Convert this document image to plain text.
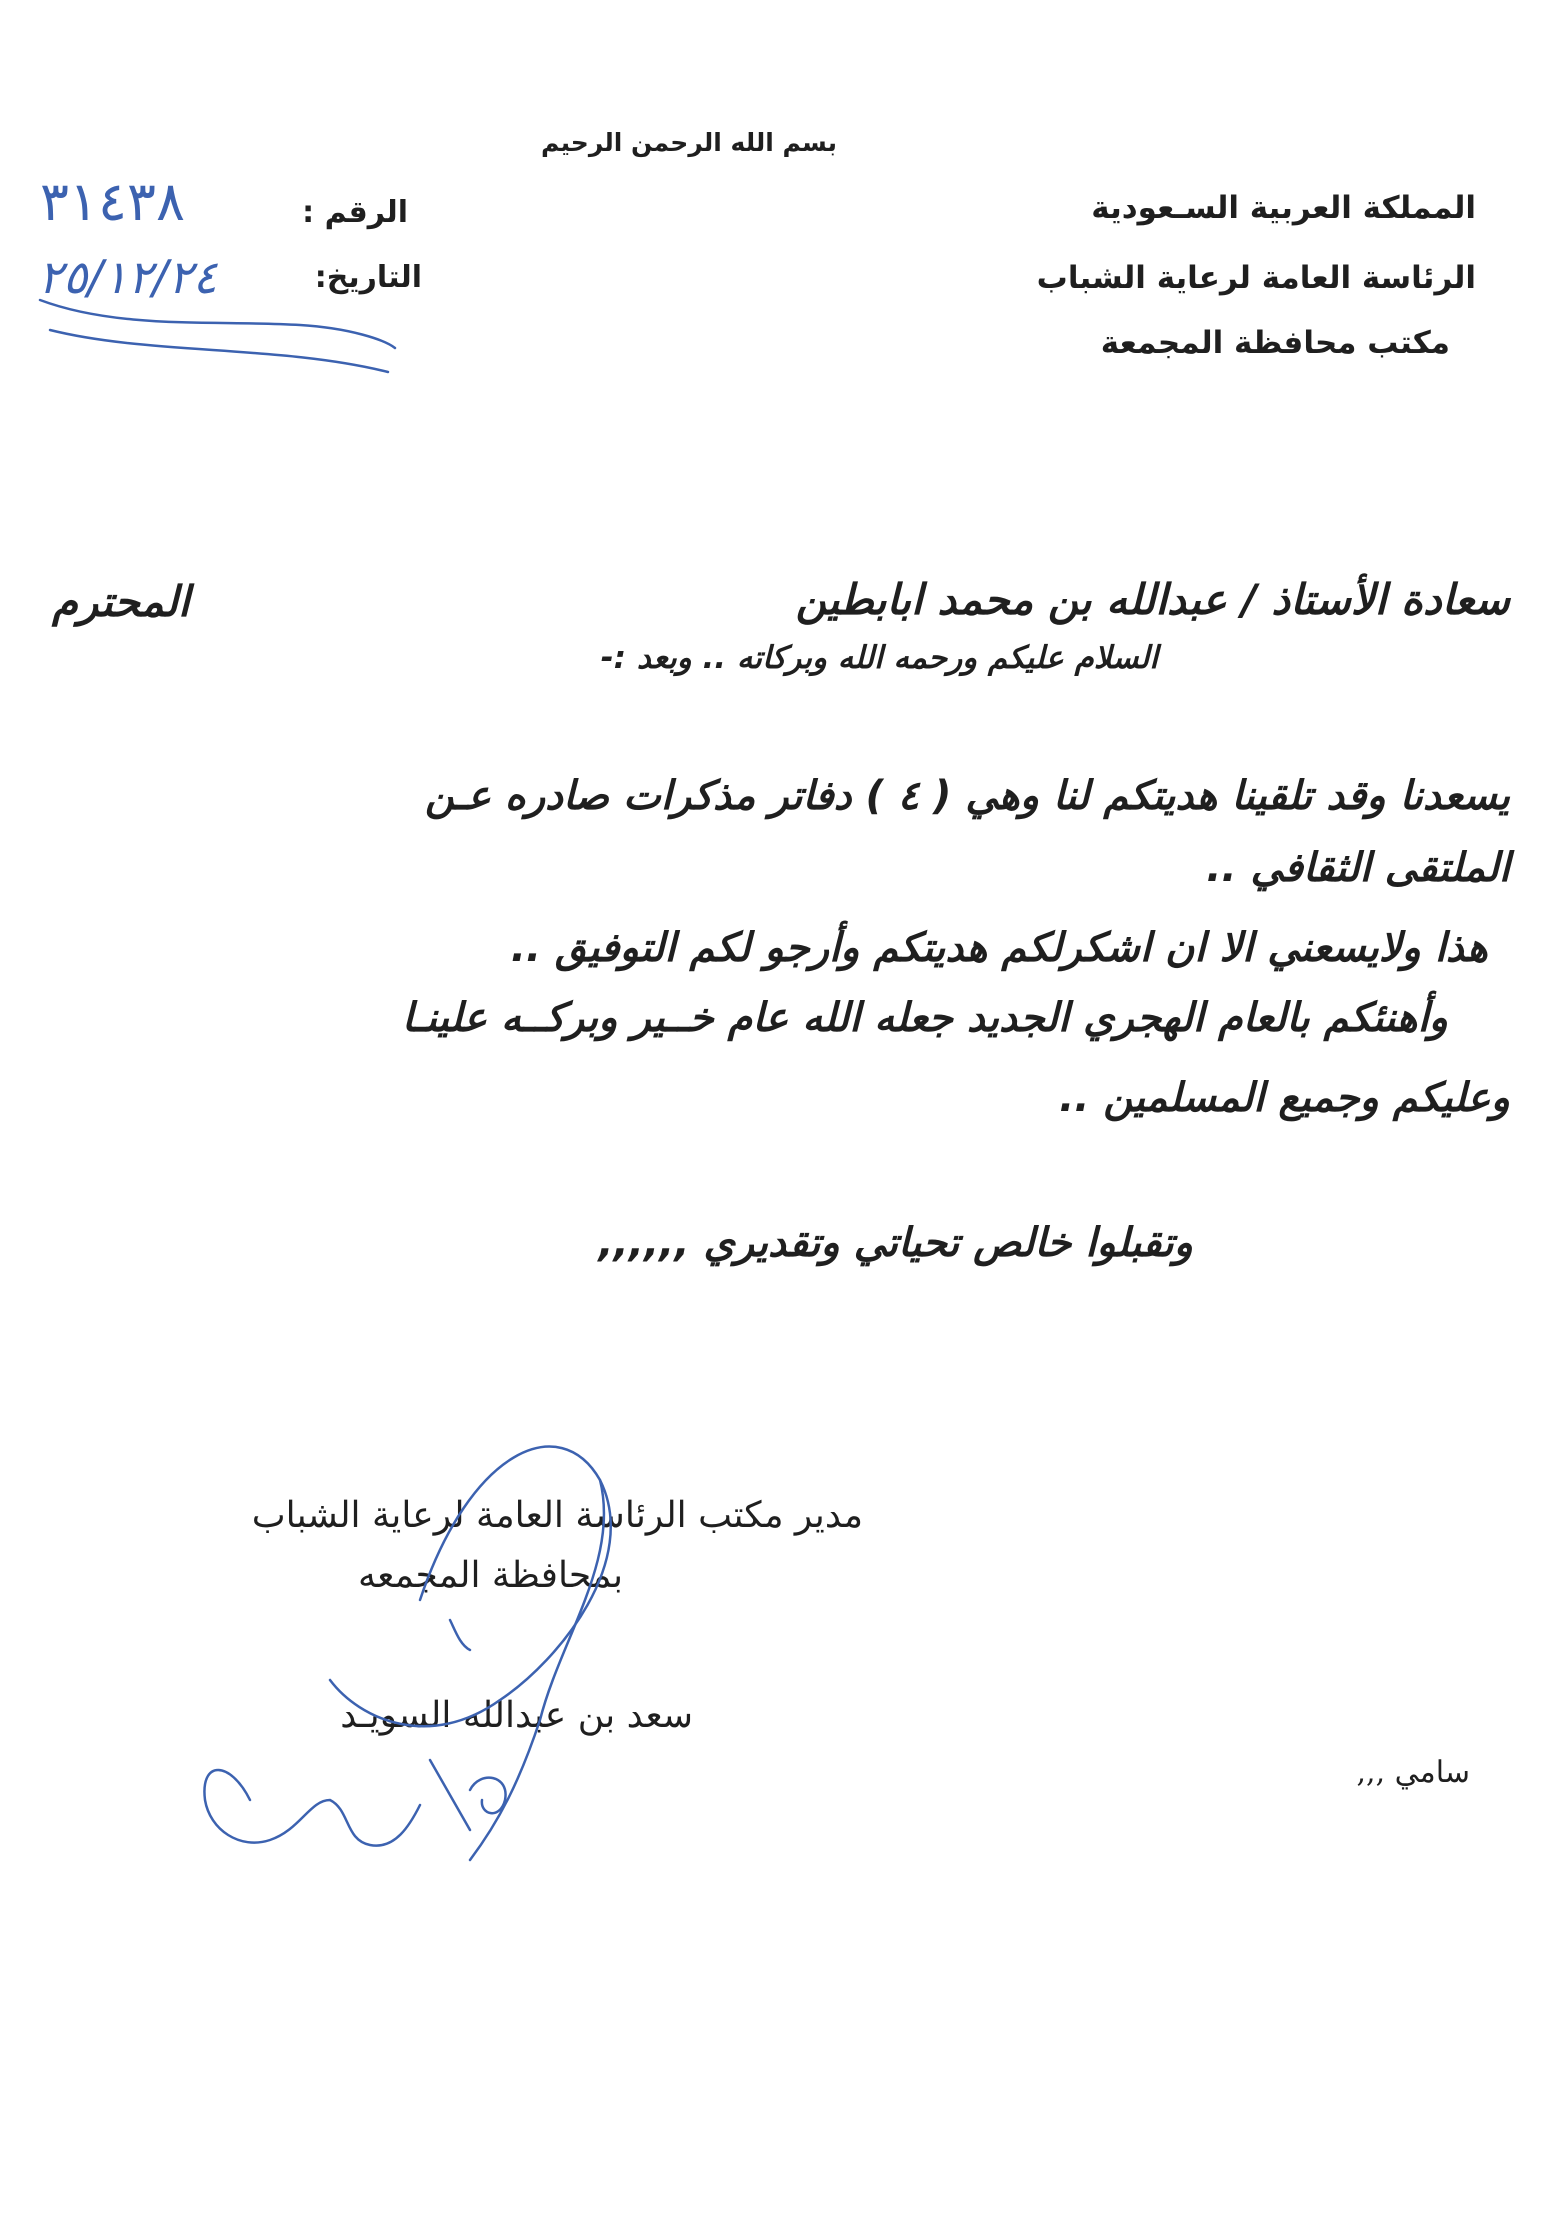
بسم الله الرحمن الرحيم
المملكة العربية السـعودية
الرئاسة العامة لرعاية الشباب
مكتب محافظة المجمعة
الرقم :
التاريخ:
٣١٤٣٨
٢٥/١٢/٢٤
سعادة الأستاذ / عبدالله بن محمد ابابطين
المحترم
السلام عليكم ورحمه الله وبركاته .. وبعد :-
يسعدنا وقد تلقينا هديتكم لنا وهي ( ٤ ) دفاتر مذكرات صادره عـن
الملتقى الثقافي ..
هذا ولايسعني الا ان اشكرلكم هديتكم وأرجو لكم التوفيق ..
وأهنئكم بالعام الهجري الجديد جعله الله عام خــير وبركــه علينـا
وعليكم وجميع المسلمين ..
وتقبلوا خالص تحياتي وتقديري ,,,,,,
مدير مكتب الرئاسة العامة لرعاية الشباب
بمحافظة المجمعه
سعد بن عبدالله السويـد
سامي ,,,
